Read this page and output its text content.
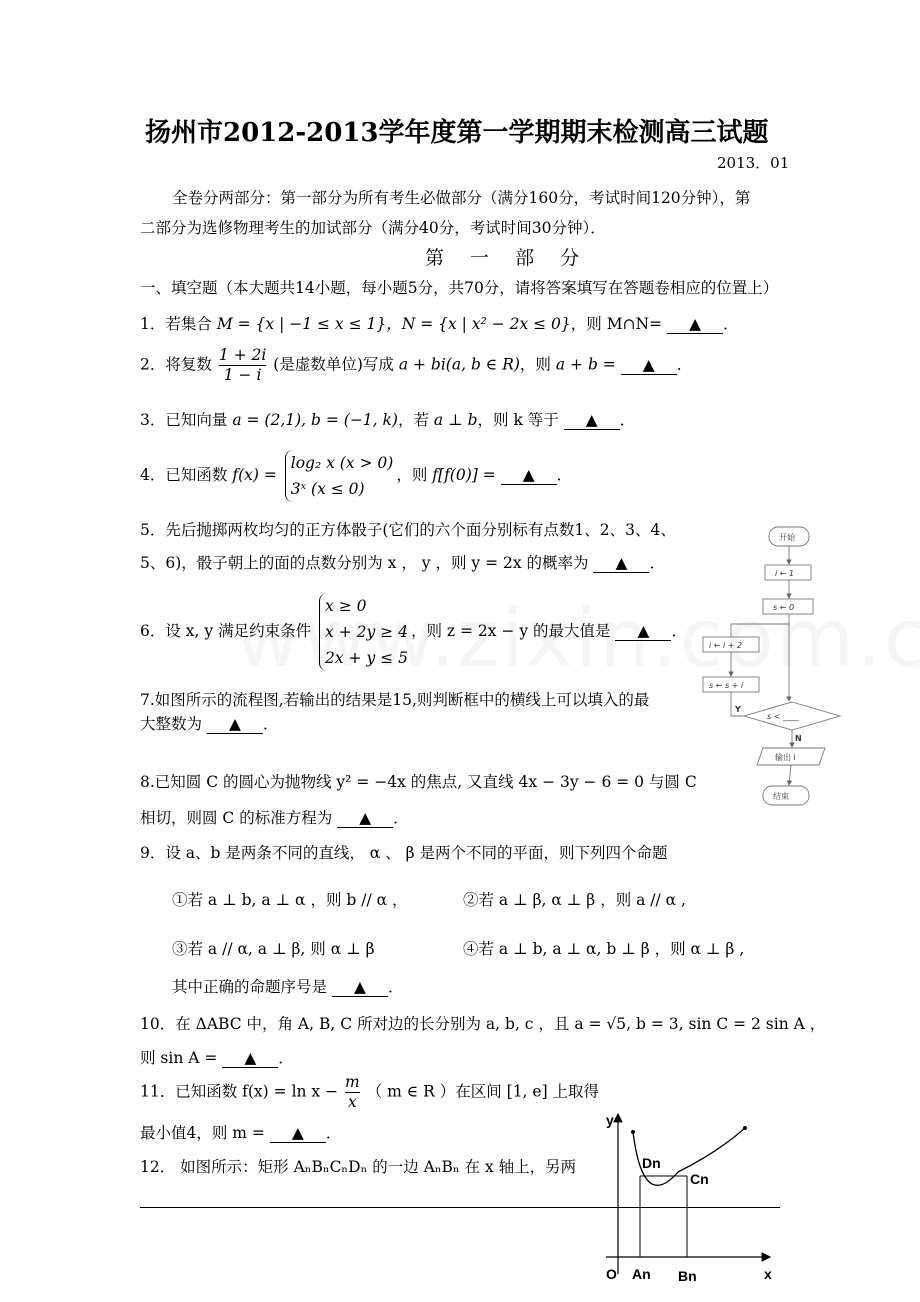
扬州市2012-2013学年度第一学期期末检测高三试题
2013．01
全卷分两部分：第一部分为所有考生必做部分（满分160分，考试时间120分钟），第
二部分为选修物理考生的加试部分（满分40分，考试时间30分钟）．
第 一 部 分
一、填空题（本大题共14小题，每小题5分，共70分，请将答案填写在答题卷相应的位置上）
1．若集合 M = {x | −1 ≤ x ≤ 1}，N = {x | x² − 2x ≤ 0}，则 M∩N= ▲ ．
2．将复数 $\frac{1 + 2i}{1 - i}$ (是虚数单位)写成 a + bi(a, b ∈ R)，则 a + b = ▲ ．
3．已知向量 a = (2,1), b = (−1, k)，若 a ⊥ b，则 k 等于 ▲ ．
4．已知函数 f(x) =
log₂ x (x > 0)
3ˣ (x ≤ 0)
，则 f[f(0)] = ▲ ．
5．先后抛掷两枚均匀的正方体骰子(它们的六个面分别标有点数1、2、3、4、
5、6)，骰子朝上的面的点数分别为 x ， y ，则 y = 2x 的概率为 ▲ ．
6．设 x, y 满足约束条件
x ≥ 0
x + 2y ≥ 4
2x + y ≤ 5
，则 z = 2x − y 的最大值是 ▲ ．
7.如图所示的流程图,若输出的结果是15,则判断框中的横线上可以填入的最
大整数为 ▲ ．
8.已知圆 C 的圆心为抛物线 y² = −4x 的焦点, 又直线 4x − 3y − 6 = 0 与圆 C
相切，则圆 C 的标准方程为 ▲ ．
9．设 a、b 是两条不同的直线， α 、 β 是两个不同的平面，则下列四个命题
①若 a ⊥ b, a ⊥ α ，则 b // α ，	②若 a ⊥ β, α ⊥ β ，则 a // α ,
③若 a // α, a ⊥ β, 则 α ⊥ β	④若 a ⊥ b, a ⊥ α, b ⊥ β ，则 α ⊥ β ,
其中正确的命题序号是 ▲ ．
10．在 ΔABC 中，角 A, B, C 所对边的长分别为 a, b, c ，且 a = √5, b = 3, sin C = 2 sin A ，
则 sin A = ▲ ．
11．已知函数 $f(x) = \ln x - \frac{m}{x}$ （ m ∈ R ）在区间 [1, e] 上取得
最小值4，则 m = ▲ ．
12． 如图所示：矩形 AₙBₙCₙDₙ 的一边 AₙBₙ 在 x 轴上，另两
开始
i ← 1
s ← 0
i ← i + 2
s ← s + i
s < ____
Y
N
输出 i
结束
y
x
O
Dn
Cn
An Bn
